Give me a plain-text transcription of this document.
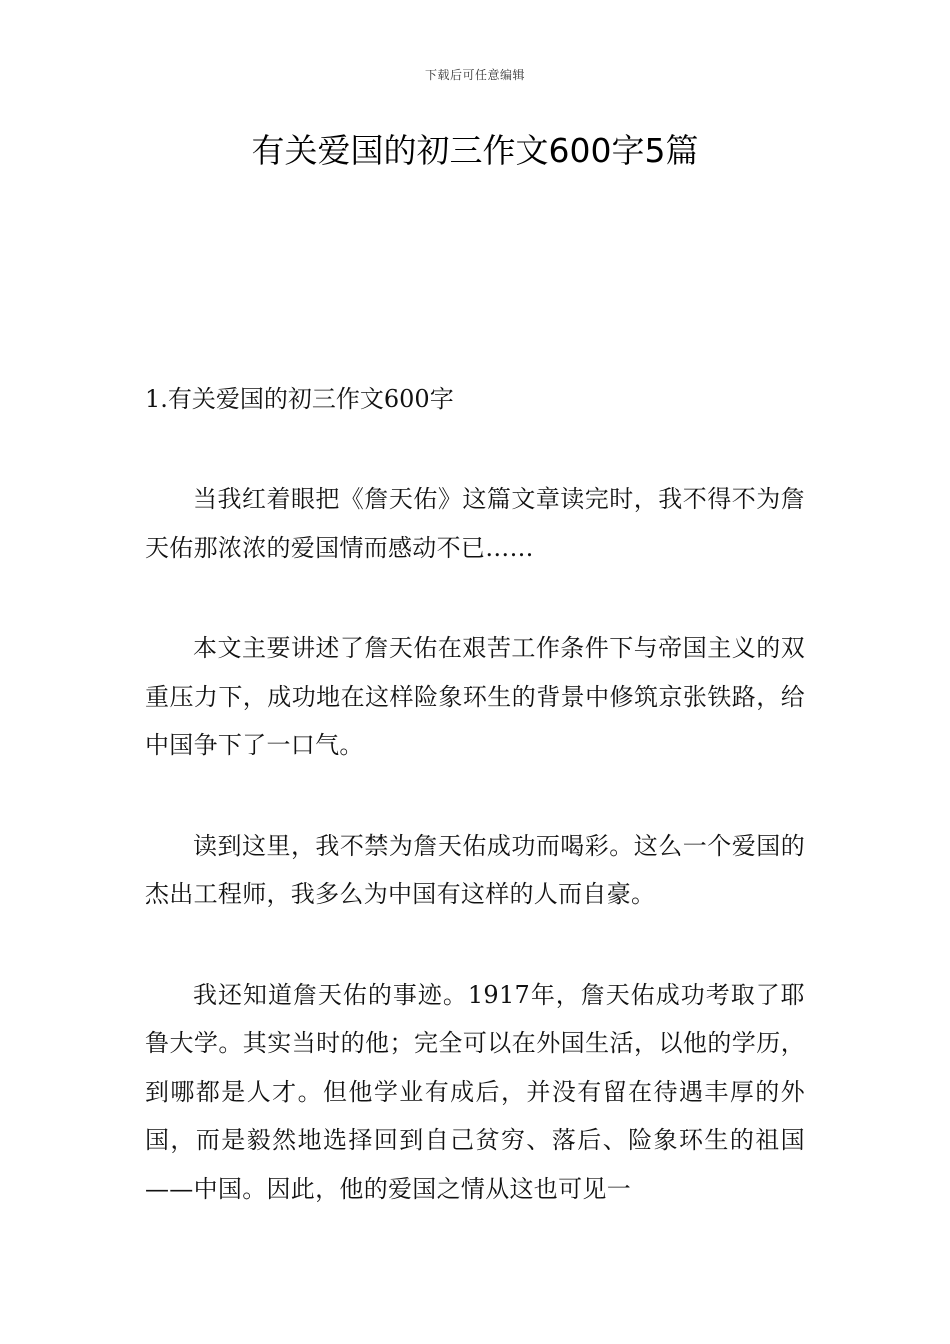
下载后可任意编辑
有关爱国的初三作文600字5篇

1.有关爱国的初三作文600字

当我红着眼把《詹天佑》这篇文章读完时，我不得不为詹天佑那浓浓的爱国情而感动不已……

本文主要讲述了詹天佑在艰苦工作条件下与帝国主义的双重压力下，成功地在这样险象环生的背景中修筑京张铁路，给中国争下了一口气。

读到这里，我不禁为詹天佑成功而喝彩。这么一个爱国的杰出工程师，我多么为中国有这样的人而自豪。

我还知道詹天佑的事迹。1917年，詹天佑成功考取了耶鲁大学。其实当时的他；完全可以在外国生活，以他的学历，到哪都是人才。但他学业有成后，并没有留在待遇丰厚的外国，而是毅然地选择回到自己贫穷、落后、险象环生的祖国——中国。因此，他的爱国之情从这也可见一
